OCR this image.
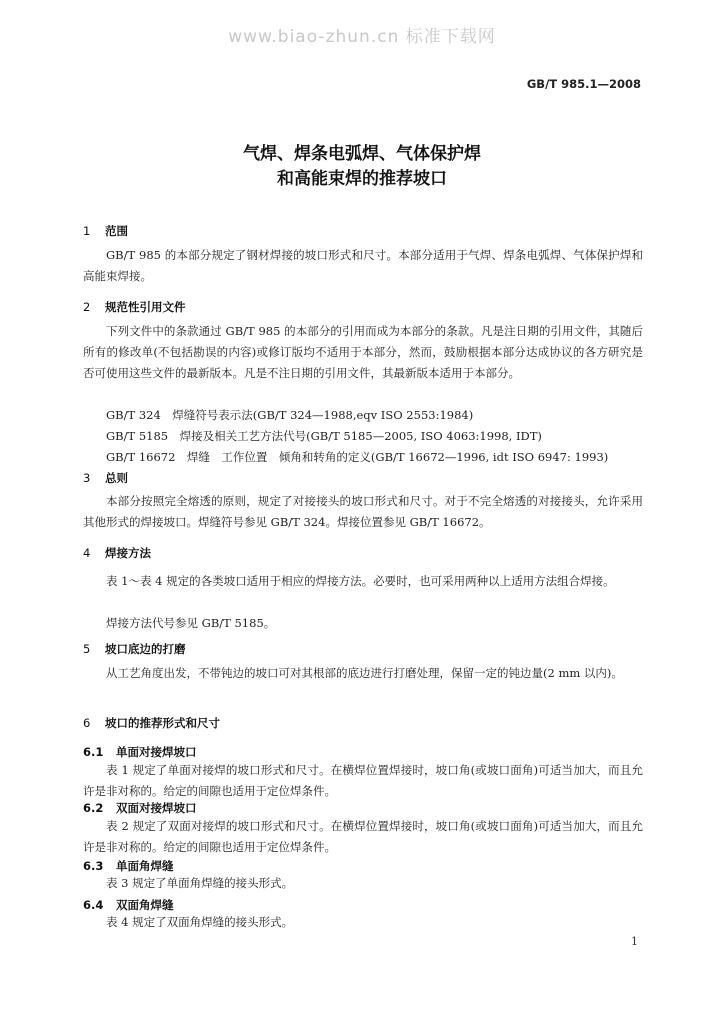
www.biao-zhun.cn 标准下载网
GB/T 985.1—2008
气焊、焊条电弧焊、气体保护焊
和高能束焊的推荐坡口
1 范围
GB/T 985 的本部分规定了钢材焊接的坡口形式和尺寸。本部分适用于气焊、焊条电弧焊、气体保护焊和高能束焊接。
2 规范性引用文件
下列文件中的条款通过 GB/T 985 的本部分的引用而成为本部分的条款。凡是注日期的引用文件，其随后所有的修改单(不包括勘误的内容)或修订版均不适用于本部分，然而，鼓励根据本部分达成协议的各方研究是否可使用这些文件的最新版本。凡是不注日期的引用文件，其最新版本适用于本部分。
GB/T 324　焊缝符号表示法(GB/T 324—1988,eqv ISO 2553:1984)
GB/T 5185　焊接及相关工艺方法代号(GB/T 5185—2005, ISO 4063:1998, IDT)
GB/T 16672　焊缝　工作位置　倾角和转角的定义(GB/T 16672—1996, idt ISO 6947: 1993)
3 总则
本部分按照完全熔透的原则，规定了对接接头的坡口形式和尺寸。对于不完全熔透的对接接头，允许采用其他形式的焊接坡口。焊缝符号参见 GB/T 324。焊接位置参见 GB/T 16672。
4 焊接方法
表 1～表 4 规定的各类坡口适用于相应的焊接方法。必要时，也可采用两种以上适用方法组合焊接。
焊接方法代号参见 GB/T 5185。
5 坡口底边的打磨
从工艺角度出发，不带钝边的坡口可对其根部的底边进行打磨处理，保留一定的钝边量(2 mm 以内)。
6 坡口的推荐形式和尺寸
6.1 单面对接焊坡口
表 1 规定了单面对接焊的坡口形式和尺寸。在横焊位置焊接时，坡口角(或坡口面角)可适当加大，而且允许是非对称的。给定的间隙也适用于定位焊条件。
6.2 双面对接焊坡口
表 2 规定了双面对接焊的坡口形式和尺寸。在横焊位置焊接时，坡口角(或坡口面角)可适当加大，而且允许是非对称的。给定的间隙也适用于定位焊条件。
6.3 单面角焊缝
表 3 规定了单面角焊缝的接头形式。
6.4 双面角焊缝
表 4 规定了双面角焊缝的接头形式。
1
